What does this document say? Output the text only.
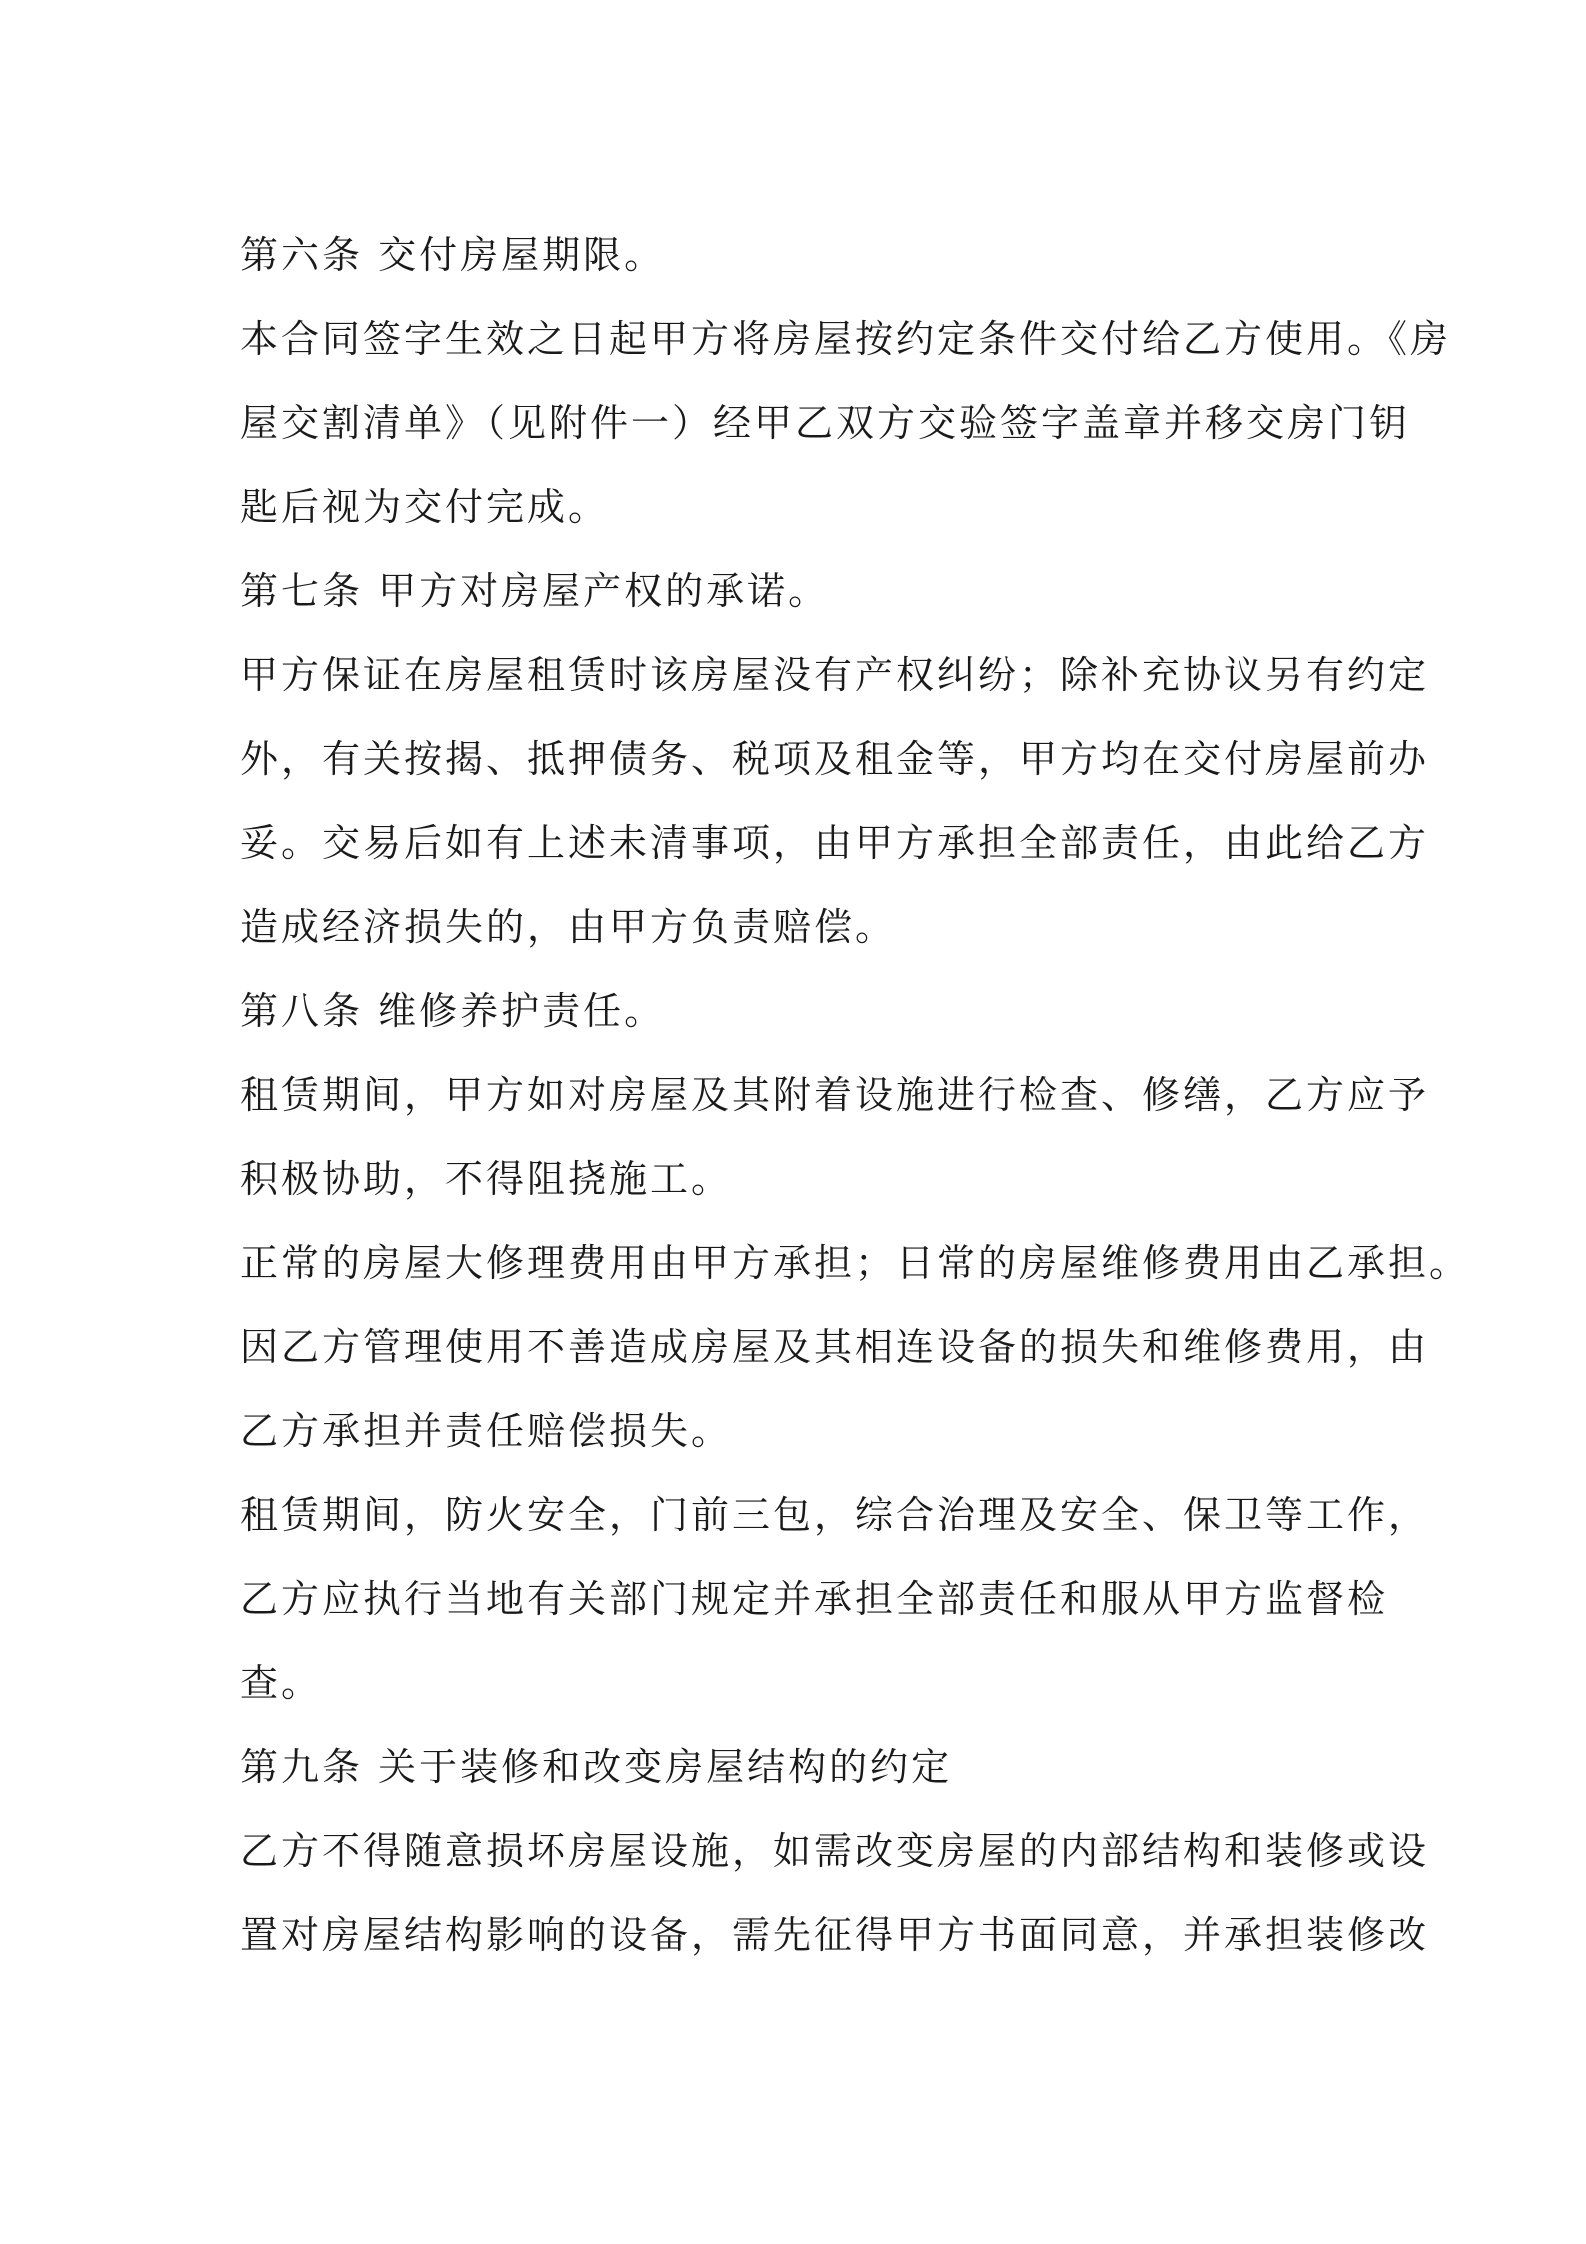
第六条 交付房屋期限。
本合同签字生效之日起甲方将房屋按约定条件交付给乙方使用。《房
屋交割清单》（见附件一）经甲乙双方交验签字盖章并移交房门钥
匙后视为交付完成。
第七条 甲方对房屋产权的承诺。
甲方保证在房屋租赁时该房屋没有产权纠纷；除补充协议另有约定
外，有关按揭、抵押债务、税项及租金等，甲方均在交付房屋前办
妥。交易后如有上述未清事项，由甲方承担全部责任，由此给乙方
造成经济损失的，由甲方负责赔偿。
第八条 维修养护责任。
租赁期间，甲方如对房屋及其附着设施进行检查、修缮，乙方应予
积极协助，不得阻挠施工。
正常的房屋大修理费用由甲方承担；日常的房屋维修费用由乙承担。
因乙方管理使用不善造成房屋及其相连设备的损失和维修费用，由
乙方承担并责任赔偿损失。
租赁期间，防火安全，门前三包，综合治理及安全、保卫等工作，
乙方应执行当地有关部门规定并承担全部责任和服从甲方监督检
查。
第九条 关于装修和改变房屋结构的约定
乙方不得随意损坏房屋设施，如需改变房屋的内部结构和装修或设
置对房屋结构影响的设备，需先征得甲方书面同意，并承担装修改
